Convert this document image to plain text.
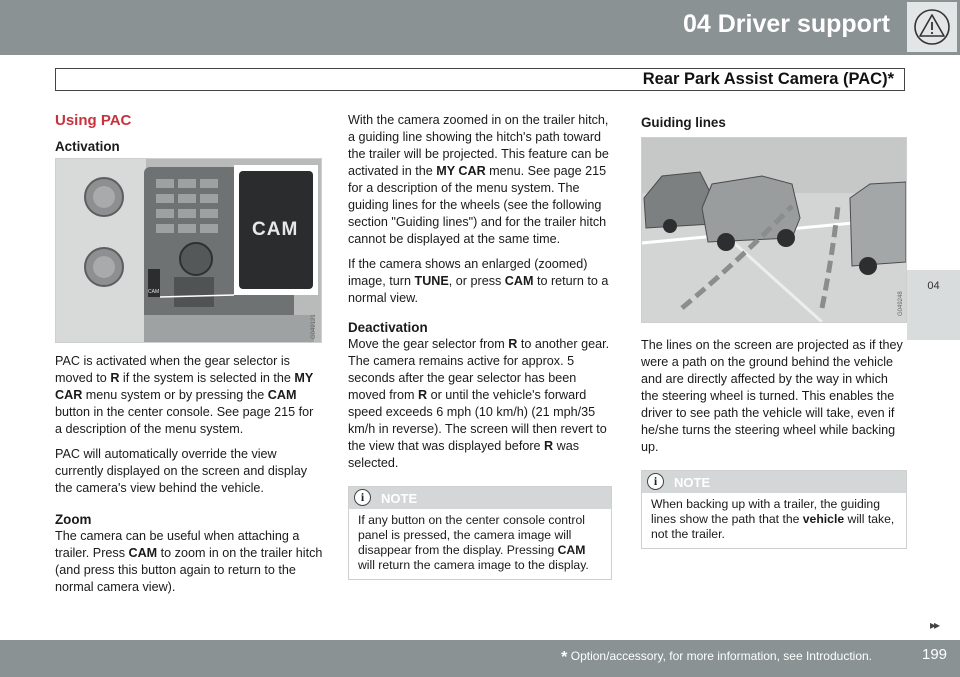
04 Driver support
Rear Park Assist Camera (PAC)*
04
Using PAC
Activation
CAM
CAM
G049121

PAC is activated when the gear selector is moved to R if the system is selected in the MY CAR menu system or by pressing the CAM button in the center console. See page 215 for a description of the menu system.

PAC will automatically override the view currently displayed on the screen and display the camera's view behind the vehicle.

Zoom

The camera can be useful when attaching a trailer. Press CAM to zoom in on the trailer hitch (and press this button again to return to the normal camera view).

With the camera zoomed in on the trailer hitch, a guiding line showing the hitch's path toward the trailer will be projected. This feature can be activated in the MY CAR menu. See page 215 for a description of the menu system. The guiding lines for the wheels (see the following section "Guiding lines") and for the trailer hitch cannot be displayed at the same time.

If the camera shows an enlarged (zoomed) image, turn TUNE, or press CAM to return to a normal view.

Deactivation

Move the gear selector from R to another gear. The camera remains active for approx. 5 seconds after the gear selector has been moved from R or until the vehicle's forward speed exceeds 6 mph (10 km/h) (21 mph/35 km/h in reverse). The screen will then revert to the view that was displayed before R was selected.

i	NOTE
If any button on the center console control panel is pressed, the camera image will disappear from the display. Pressing CAM will return the camera image to the display.
Guiding lines
G049248

The lines on the screen are projected as if they were a path on the ground behind the vehicle and are directly affected by the way in which the steering wheel is turned. This enables the driver to see path the vehicle will take, even if he/she turns the steering wheel while backing up.

i	NOTE
When backing up with a trailer, the guiding lines show the path that the vehicle will take, not the trailer.
▸▸
* Option/accessory, for more information, see Introduction.	199
